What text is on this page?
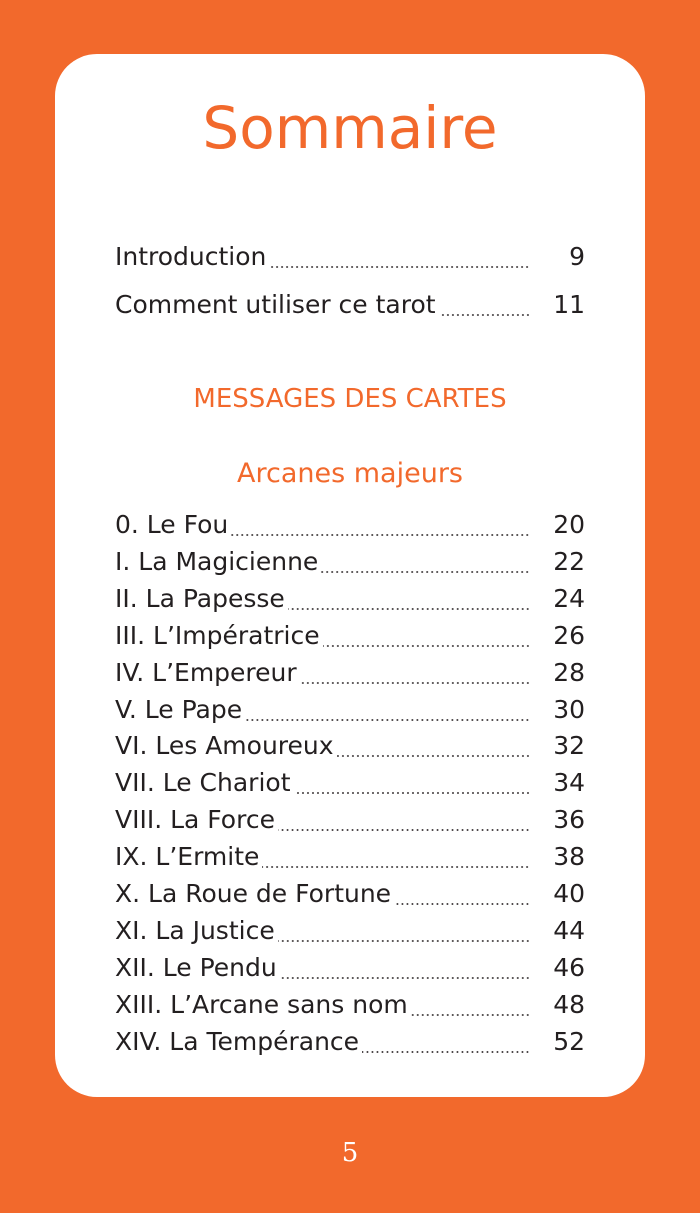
Sommaire
Introduction	9
Comment utiliser ce tarot	11
MESSAGES DES CARTES
Arcanes majeurs
0. Le Fou	20
I. La Magicienne	22
II. La Papesse	24
III. L’Impératrice	26
IV. L’Empereur	28
V. Le Pape	30
VI. Les Amoureux	32
VII. Le Chariot	34
VIII. La Force	36
IX. L’Ermite	38
X. La Roue de Fortune	40
XI. La Justice	44
XII. Le Pendu	46
XIII. L’Arcane sans nom	48
XIV. La Tempérance	52
5
